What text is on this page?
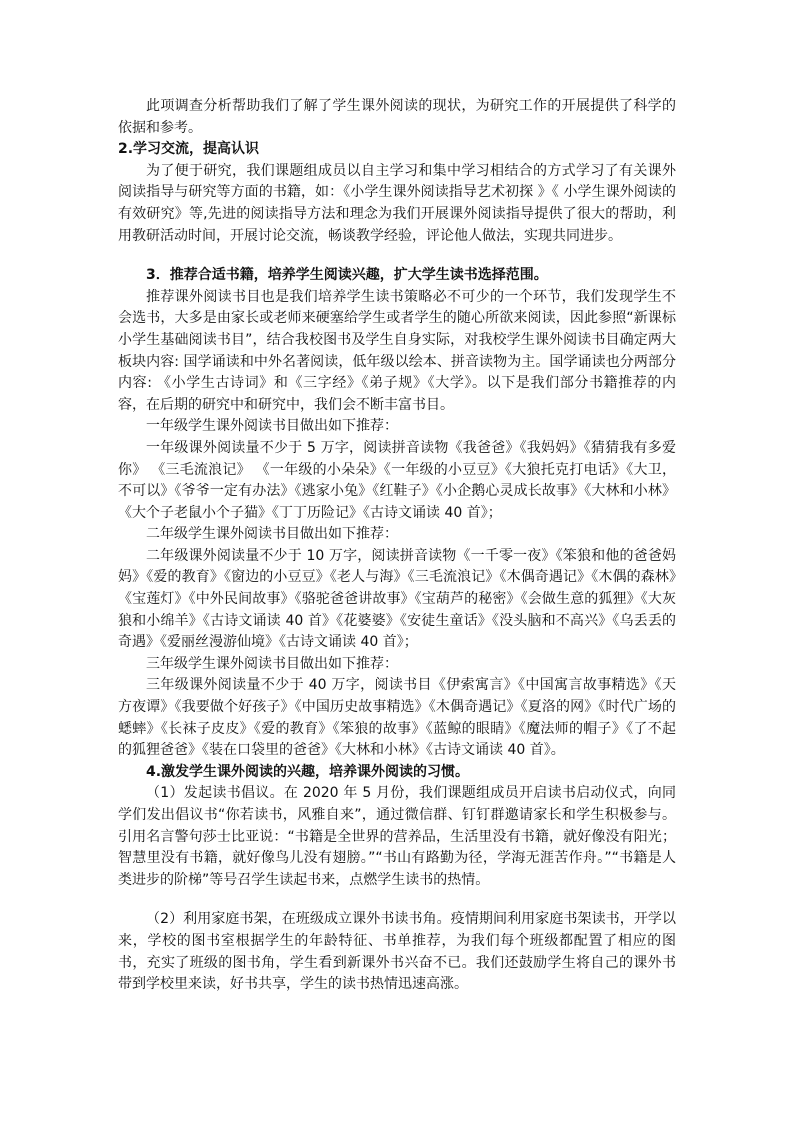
此项调查分析帮助我们了解了学生课外阅读的现状，为研究工作的开展提供了科学的依据和参考。

2.学习交流，提高认识

为了便于研究，我们课题组成员以自主学习和集中学习相结合的方式学习了有关课外阅读指导与研究等方面的书籍，如：《小学生课外阅读指导艺术初探 》《 小学生课外阅读的有效研究》等,先进的阅读指导方法和理念为我们开展课外阅读指导提供了很大的帮助，利用教研活动时间，开展讨论交流，畅谈教学经验，评论他人做法，实现共同进步。

3．推荐合适书籍，培养学生阅读兴趣，扩大学生读书选择范围。

推荐课外阅读书目也是我们培养学生读书策略必不可少的一个环节，我们发现学生不会选书，大多是由家长或老师来硬塞给学生或者学生的随心所欲来阅读，因此参照“新课标小学生基础阅读书目”，结合我校图书及学生自身实际，对我校学生课外阅读书目确定两大板块内容: 国学诵读和中外名著阅读，低年级以绘本、拼音读物为主。国学诵读也分两部分内容: 《小学生古诗词》和《三字经》《弟子规》《大学》。以下是我们部分书籍推荐的内容，在后期的研究中和研究中，我们会不断丰富书目。

一年级学生课外阅读书目做出如下推荐：

一年级课外阅读量不少于 5 万字，阅读拼音读物《我爸爸》《我妈妈》《猜猜我有多爱你》 《三毛流浪记》 《一年级的小朵朵》《一年级的小豆豆》《大狼托克打电话》《大卫，不可以》《爷爷一定有办法》《逃家小兔》《红鞋子》《小企鹅心灵成长故事》《大林和小林》《大个子老鼠小个子猫》《丁丁历险记》《古诗文诵读 40 首》；

二年级学生课外阅读书目做出如下推荐：

二年级课外阅读量不少于 10 万字，阅读拼音读物《一千零一夜》《笨狼和他的爸爸妈妈》《爱的教育》《窗边的小豆豆》《老人与海》《三毛流浪记》《木偶奇遇记》《木偶的森林》《宝莲灯》《中外民间故事》《骆驼爸爸讲故事》《宝葫芦的秘密》《会做生意的狐狸》《大灰狼和小绵羊》《古诗文诵读 40 首》《花婆婆》《安徒生童话》《没头脑和不高兴》《乌丢丢的奇遇》《爱丽丝漫游仙境》《古诗文诵读 40 首》；

三年级学生课外阅读书目做出如下推荐：

三年级课外阅读量不少于 40 万字，阅读书目《伊索寓言》《中国寓言故事精选》《天方夜谭》《我要做个好孩子》《中国历史故事精选》《木偶奇遇记》《夏洛的网》《时代广场的蟋蟀》《长袜子皮皮》《爱的教育》《笨狼的故事》《蓝鲸的眼睛》《魔法师的帽子》《了不起的狐狸爸爸》《装在口袋里的爸爸》《大林和小林》《古诗文诵读 40 首》。

4.激发学生课外阅读的兴趣，培养课外阅读的习惯。

（1）发起读书倡议。在 2020 年 5 月份，我们课题组成员开启读书启动仪式，向同学们发出倡议书“你若读书，风雅自来”，通过微信群、钉钉群邀请家长和学生积极参与。引用名言警句莎士比亚说：“书籍是全世界的营养品，生活里没有书籍，就好像没有阳光；智慧里没有书籍，就好像鸟儿没有翅膀。”“书山有路勤为径，学海无涯苦作舟。”“书籍是人类进步的阶梯”等号召学生读起书来，点燃学生读书的热情。

（2）利用家庭书架，在班级成立课外书读书角。疫情期间利用家庭书架读书，开学以来，学校的图书室根据学生的年龄特征、书单推荐，为我们每个班级都配置了相应的图书，充实了班级的图书角，学生看到新课外书兴奋不已。我们还鼓励学生将自己的课外书带到学校里来读，好书共享，学生的读书热情迅速高涨。
